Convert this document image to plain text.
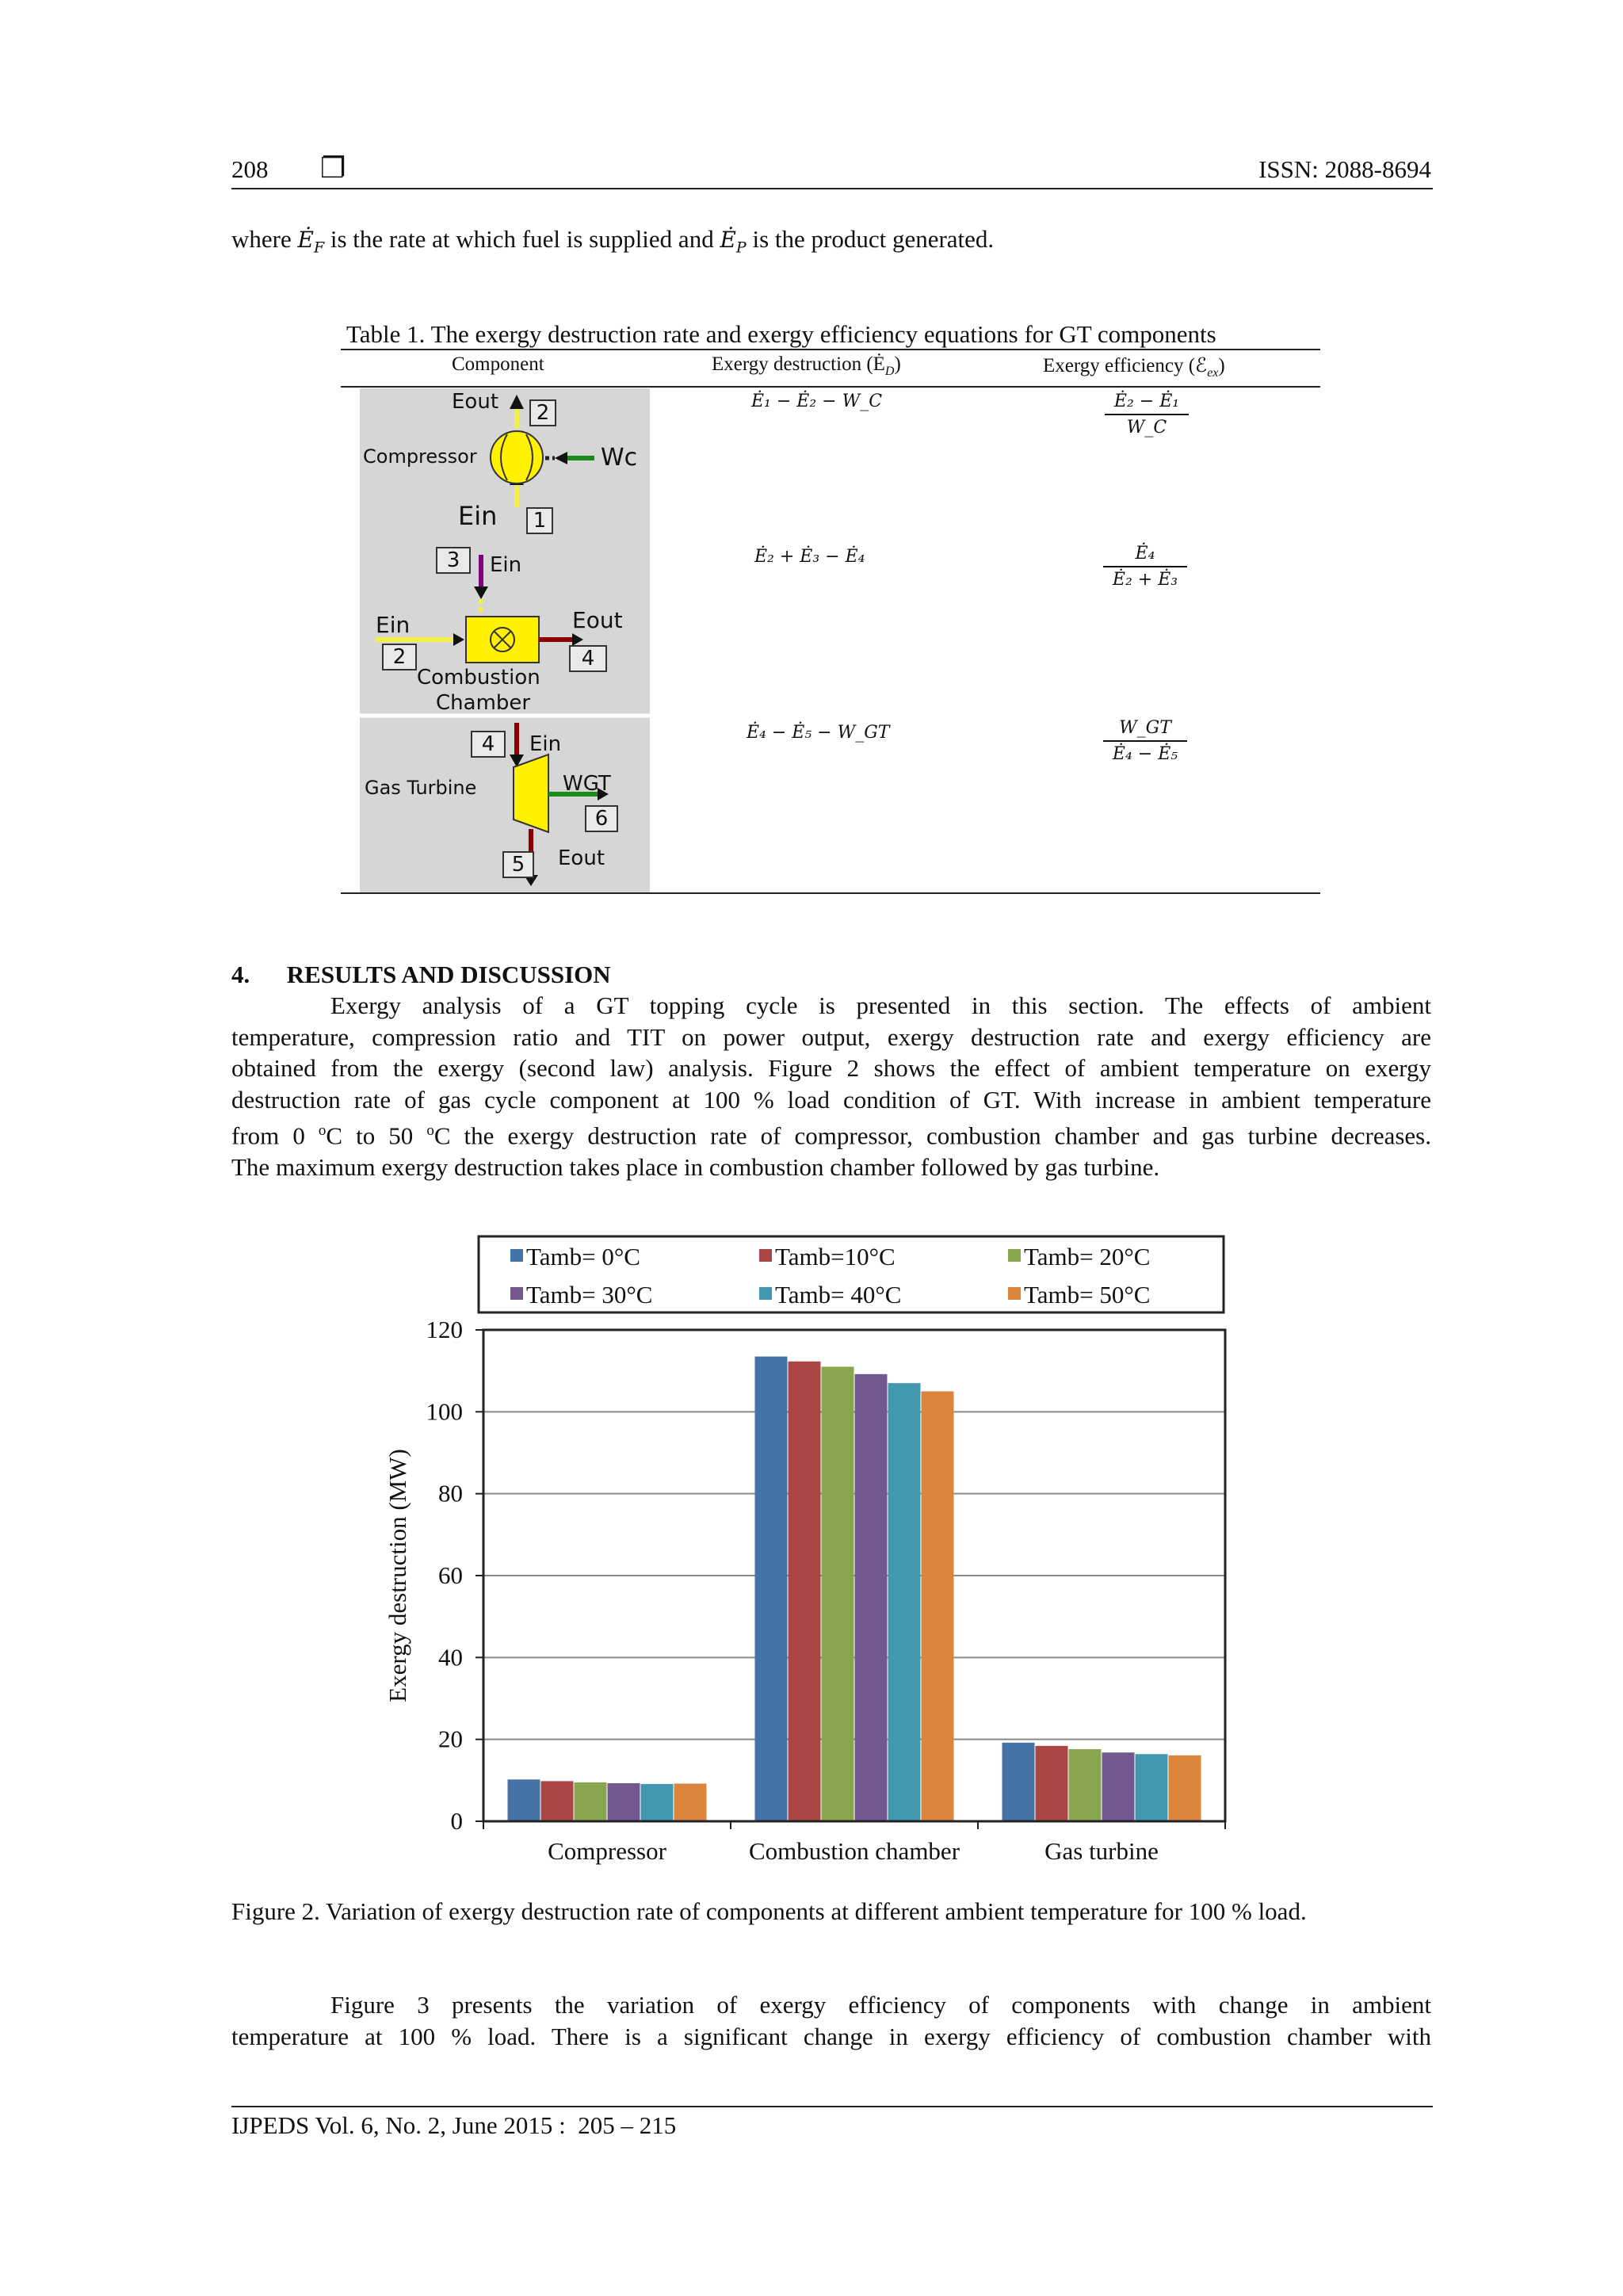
208 ❐	ISSN: 2088-8694
where $Ė_F$ is the rate at which fuel is supplied and $Ė_P$ is the product generated.
Table 1. The exergy destruction rate and exergy efficiency equations for GT components
Component	Exergy destruction $(Ė_D)$	Exergy efficiency (ℰ$_{ex}$)
Eout	2
Compressor	Wc
Ein	1
3	Ein
Ein
2
Eout
4
Combustion
Chamber
4	Ein
Gas Turbine	WGT
6
5	Eout
Ė₁ − Ė₂ − W_C	Ė₂ − Ė₁
W_C
Ė₂ + Ė₃ − Ė₄	Ė₄
Ė₂ + Ė₃
Ė₄ − Ė₅ − W_GT	W_GT
Ė₄ − Ė₅
4.      RESULTS AND DISCUSSION
Exergy analysis of a GT topping cycle is presented in this section. The effects of ambient
temperature, compression ratio and TIT on power output, exergy destruction rate and exergy efficiency are
obtained from the exergy (second law) analysis. Figure 2 shows the effect of ambient temperature on exergy
destruction rate of gas cycle component at 100 % load condition of GT. With increase in ambient temperature
from 0 $^o$C to 50 $^o$C the exergy destruction rate of compressor, combustion chamber and gas turbine decreases.
The maximum exergy destruction takes place in combustion chamber followed by gas turbine.
0
20
40
60
80
100
120
Compressor	Combustion chamber	Gas turbine
Tamb= 0°C	Tamb=10°C	Tamb= 20°C
Tamb= 30°C	Tamb= 40°C	Tamb= 50°C
Exergy destruction (MW)
Figure 2. Variation of exergy destruction rate of components at different ambient temperature for 100 % load.
Figure 3 presents the variation of exergy efficiency of components with change in ambient
temperature at 100 % load. There is a significant change in exergy efficiency of combustion chamber with
IJPEDS Vol. 6, No. 2, June 2015 :  205 – 215
